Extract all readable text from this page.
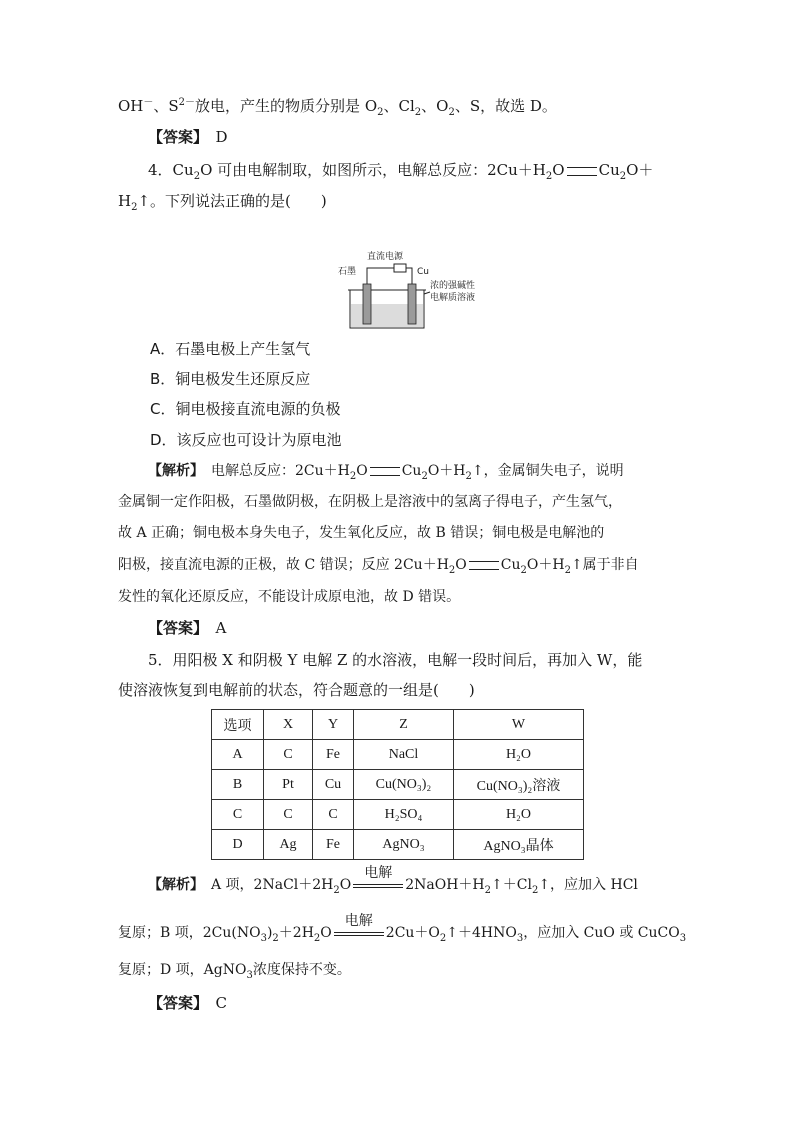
OH－、$S^{2-}$放电，产生的物质分别是 $O_2$、$Cl_2$、$O_2$、S，故选 D。
【答案】　 D
4．$Cu_2O$ 可由电解制取，如图所示，电解总反应：$2Cu+H_2O$ $Cu_2O+$
$H_2↑$。下列说法正确的是(　　)
直流电源
石墨	Cu
浓的强碱性
电解质溶液
A．石墨电极上产生氢气
B．铜电极发生还原反应
C．铜电极接直流电源的负极
D．该反应也可设计为原电池
【解析】　 电解总反应：$2Cu+H_2O$ $Cu_2O+H_2↑$，金属铜失电子，说明
金属铜一定作阳极，石墨做阴极，在阴极上是溶液中的氢离子得电子，产生氢气，
故 A 正确；铜电极本身失电子，发生氧化反应，故 B 错误；铜电极是电解池的
阳极，接直流电源的正极，故 C 错误；反应 $2Cu+H_2O$ $Cu_2O+H_2↑$属于非自
发性的氧化还原反应，不能设计成原电池，故 D 错误。
【答案】　 A
5．用阳极 X 和阴极 Y 电解 Z 的水溶液，电解一段时间后，再加入 W，能
使溶液恢复到电解前的状态，符合题意的一组是(　　)
选项	X	Y	Z	W
A	C	Fe	NaCl	H₂O
B	Pt	Cu	Cu(NO₃)₂	Cu(NO₃)₂溶液
C	C	C	H₂SO₄	H₂O
D	Ag	Fe	AgNO₃	AgNO₃晶体
【解析】　 A 项，$2NaCl+2H_2O$
电解
$2NaOH+H_2↑+Cl_2↑$，应加入 HCl
复原；B 项，$2Cu(NO_3)_2+2H_2O$
电解
$2Cu+O_2↑+4HNO_3$，应加入 CuO 或 CuCO$_3$
复原；D 项，AgNO$_3$浓度保持不变。
【答案】　 C
